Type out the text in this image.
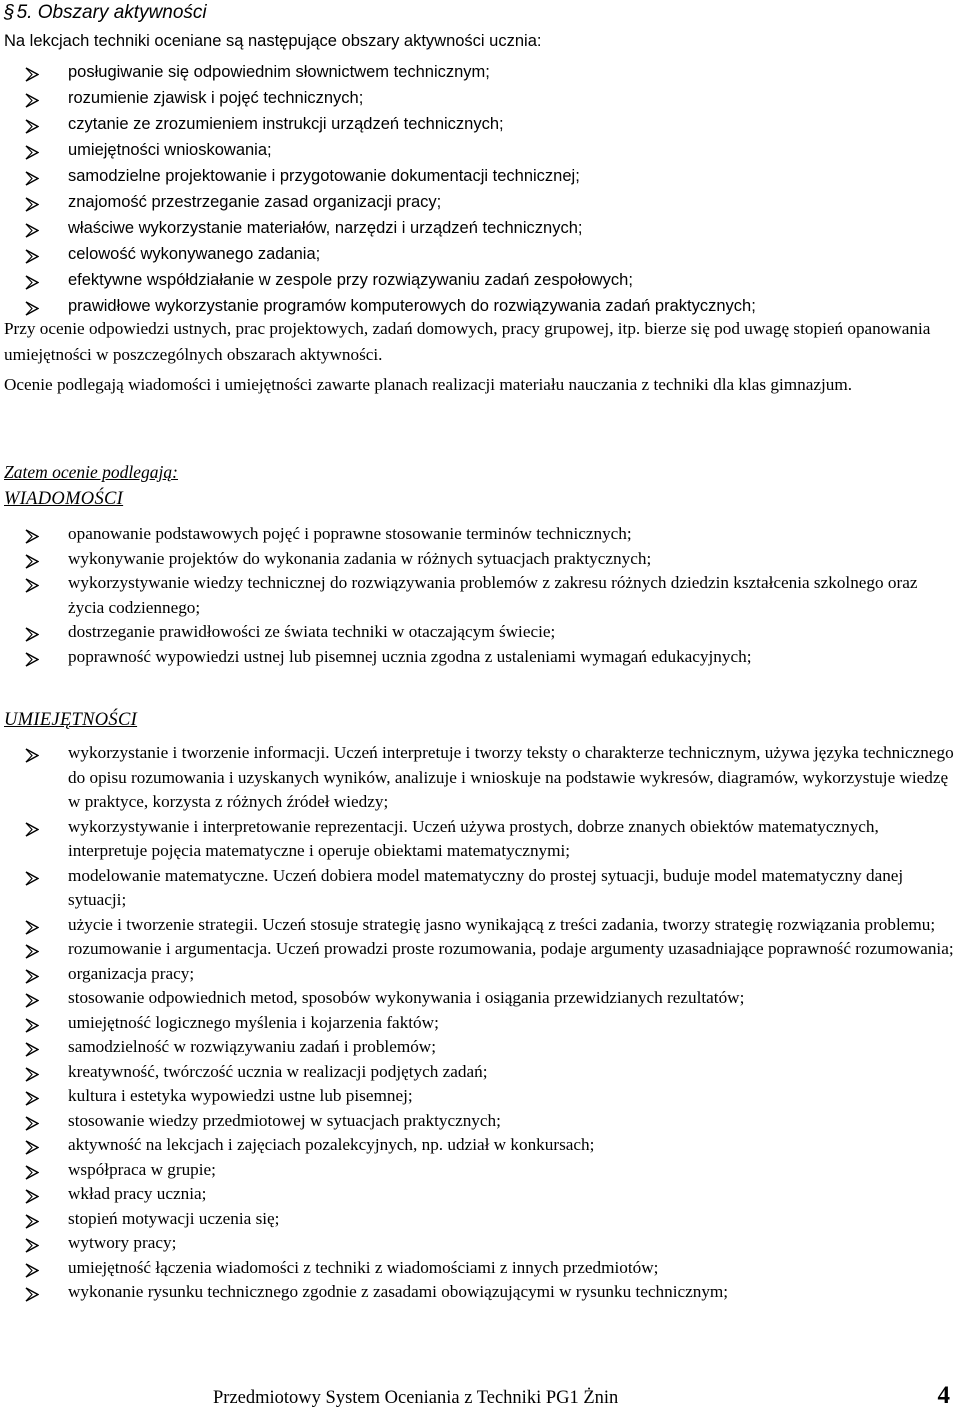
§ 5. Obszary aktywności
Na lekcjach techniki oceniane są następujące obszary aktywności ucznia:
posługiwanie się odpowiednim słownictwem technicznym;
rozumienie zjawisk i pojęć technicznych;
czytanie ze zrozumieniem instrukcji urządzeń technicznych;
umiejętności wnioskowania;
samodzielne projektowanie i przygotowanie dokumentacji technicznej;
znajomość przestrzeganie zasad organizacji pracy;
właściwe wykorzystanie materiałów, narzędzi i urządzeń technicznych;
celowość wykonywanego zadania;
efektywne współdziałanie w zespole przy rozwiązywaniu zadań zespołowych;
prawidłowe wykorzystanie programów komputerowych do rozwiązywania zadań praktycznych;
Przy ocenie odpowiedzi ustnych, prac projektowych, zadań domowych, pracy grupowej, itp. bierze się pod uwagę stopień opanowania umiejętności w poszczególnych obszarach aktywności.
Ocenie podlegają wiadomości i umiejętności zawarte planach realizacji materiału nauczania z techniki dla klas gimnazjum.
Zatem ocenie podlegają:
WIADOMOŚCI
opanowanie podstawowych pojęć i poprawne stosowanie terminów technicznych;
wykonywanie projektów do wykonania zadania w różnych sytuacjach praktycznych;
wykorzystywanie wiedzy technicznej do rozwiązywania problemów z zakresu różnych dziedzin kształcenia szkolnego oraz życia codziennego;
dostrzeganie prawidłowości ze świata techniki w otaczającym świecie;
poprawność wypowiedzi ustnej lub pisemnej ucznia zgodna z ustaleniami wymagań edukacyjnych;
UMIEJĘTNOŚCI
wykorzystanie i tworzenie informacji. Uczeń interpretuje i tworzy teksty o charakterze technicznym, używa języka technicznego do opisu rozumowania i uzyskanych wyników, analizuje i wnioskuje na podstawie wykresów, diagramów, wykorzystuje wiedzę w praktyce, korzysta z różnych źródeł wiedzy;
wykorzystywanie i interpretowanie reprezentacji. Uczeń używa prostych, dobrze znanych obiektów matematycznych, interpretuje pojęcia matematyczne i operuje obiektami matematycznymi;
modelowanie matematyczne. Uczeń dobiera model matematyczny do prostej sytuacji, buduje model matematyczny danej sytuacji;
użycie i tworzenie strategii. Uczeń stosuje strategię jasno wynikającą z treści zadania, tworzy strategię rozwiązania problemu;
rozumowanie i argumentacja. Uczeń prowadzi proste rozumowania, podaje argumenty uzasadniające poprawność rozumowania;
organizacja pracy;
stosowanie odpowiednich metod, sposobów wykonywania i osiągania przewidzianych rezultatów;
umiejętność logicznego myślenia i kojarzenia faktów;
samodzielność w rozwiązywaniu zadań i problemów;
kreatywność, twórczość ucznia w realizacji podjętych zadań;
kultura i estetyka wypowiedzi ustne lub pisemnej;
stosowanie wiedzy przedmiotowej w sytuacjach praktycznych;
aktywność na lekcjach i zajęciach pozalekcyjnych, np. udział w konkursach;
współpraca w grupie;
wkład pracy ucznia;
stopień motywacji uczenia się;
wytwory pracy;
umiejętność łączenia wiadomości z techniki z wiadomościami z innych przedmiotów;
wykonanie rysunku technicznego zgodnie z zasadami obowiązującymi w rysunku technicznym;
Przedmiotowy System Oceniania z Techniki PG1 Żnin	4
